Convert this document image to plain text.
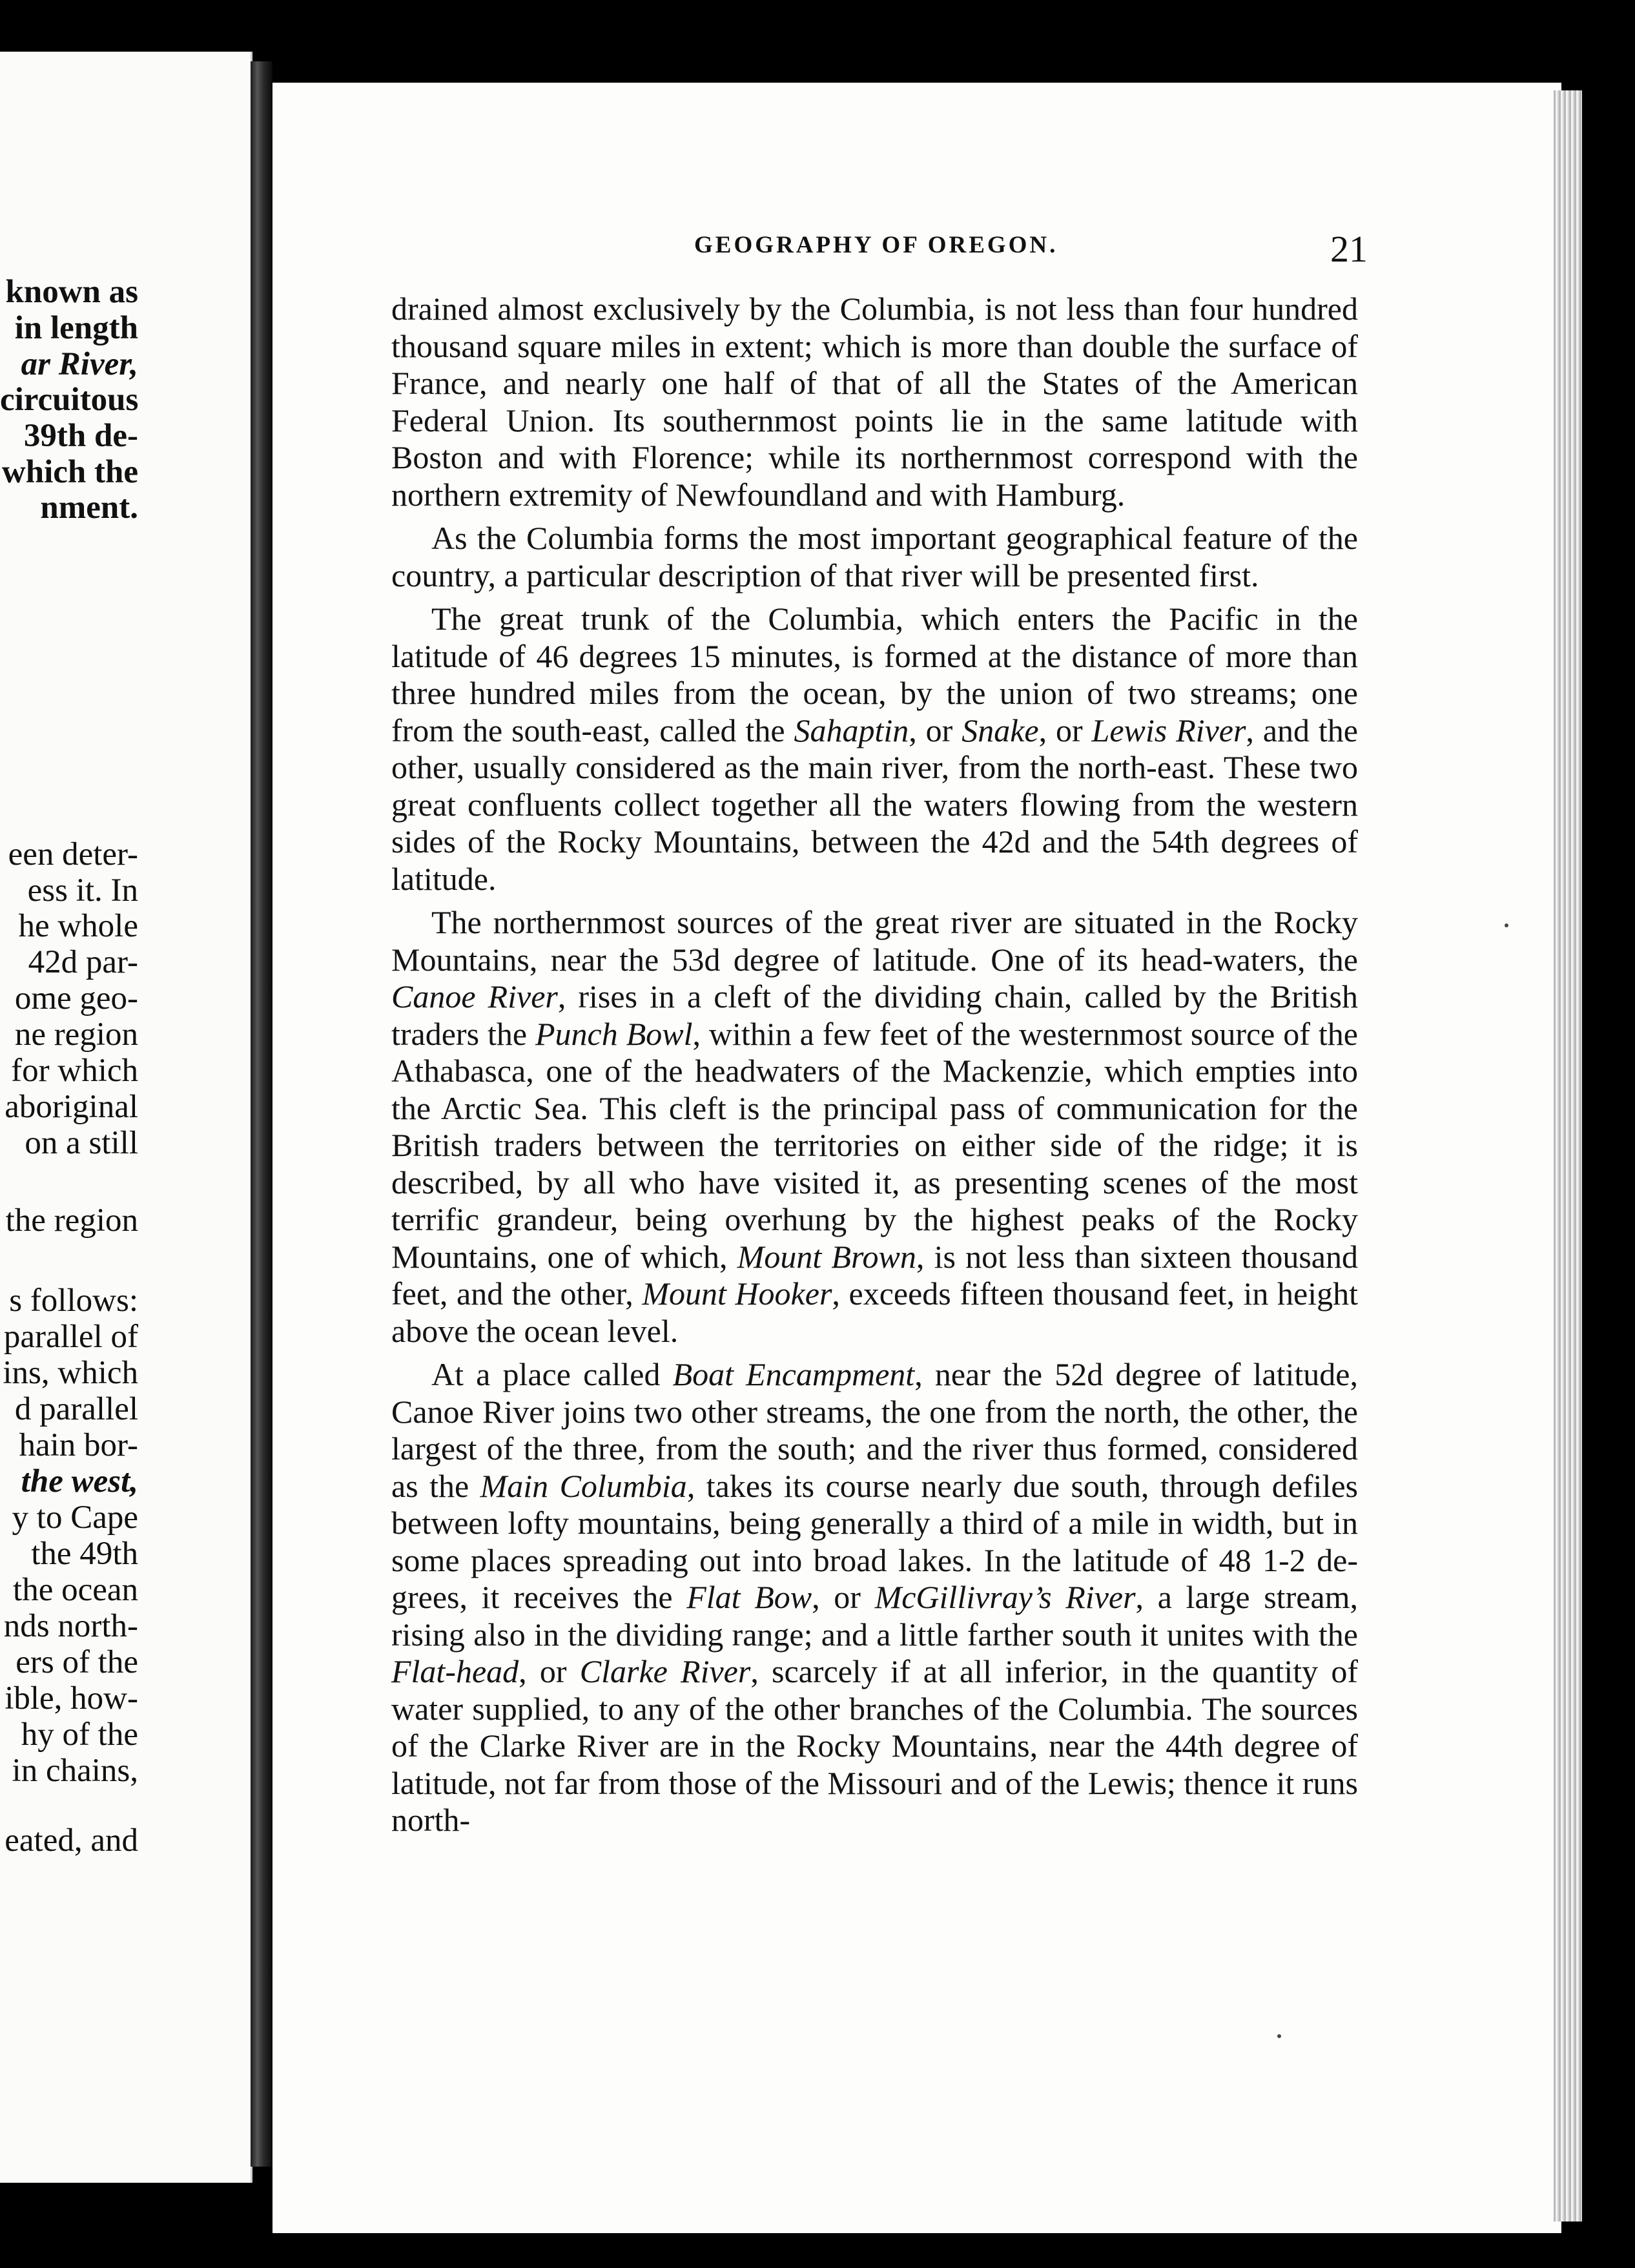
known as
in length
ar River,
circuitous
39th de-
which the
nment.
een deter-
ess it. In
he whole
42d par-
ome geo-
ne region
for which
aboriginal
on a still
the region
s follows:
parallel of
ins, which
d parallel
hain bor-
the west,
y to Cape
the 49th
the ocean
nds north-
ers of the
ible, how-
hy of the
in chains,
eated, and
GEOGRAPHY OF OREGON.	21

drained almost exclusively by the Columbia, is not less than four hundred thousand square miles in extent; which is more than double the surface of France, and nearly one half of that of all the States of the American Federal Union. Its southernmost points lie in the same latitude with Boston and with Florence; while its northernmost correspond with the northern extremity of Newfoundland and with Hamburg.

As the Columbia forms the most important geographical feature of the country, a particular description of that river will be presented first.

The great trunk of the Columbia, which enters the Pacific in the latitude of 46 degrees 15 minutes, is formed at the distance of more than three hundred miles from the ocean, by the union of two streams; one from the south-east, called the Sahaptin, or Snake, or Lewis River, and the other, usually considered as the main river, from the north-east. These two great confluents collect together all the waters flowing from the western sides of the Rocky Mountains, between the 42d and the 54th degrees of latitude.

The northernmost sources of the great river are situated in the Rocky Mountains, near the 53d degree of latitude. One of its head-waters, the Canoe River, rises in a cleft of the dividing chain, called by the British traders the Punch Bowl, within a few feet of the westernmost source of the Athabasca, one of the headwaters of the Mackenzie, which empties into the Arctic Sea. This cleft is the principal pass of communication for the British traders between the territories on either side of the ridge; it is described, by all who have visited it, as presenting scenes of the most terrific grandeur, being overhung by the highest peaks of the Rocky Mountains, one of which, Mount Brown, is not less than sixteen thousand feet, and the other, Mount Hooker, exceeds fifteen thousand feet, in height above the ocean level.

At a place called Boat Encampment, near the 52d degree of latitude, Canoe River joins two other streams, the one from the north, the other, the largest of the three, from the south; and the river thus formed, considered as the Main Columbia, takes its course nearly due south, through defiles between lofty mountains, being generally a third of a mile in width, but in some places spreading out into broad lakes. In the latitude of 48 1-2 degrees, it receives the Flat Bow, or McGillivray’s River, a large stream, rising also in the dividing range; and a little farther south it unites with the Flat-head, or Clarke River, scarcely if at all inferior, in the quantity of water supplied, to any of the other branches of the Columbia. The sources of the Clarke River are in the Rocky Mountains, near the 44th degree of latitude, not far from those of the Missouri and of the Lewis; thence it runs north-
